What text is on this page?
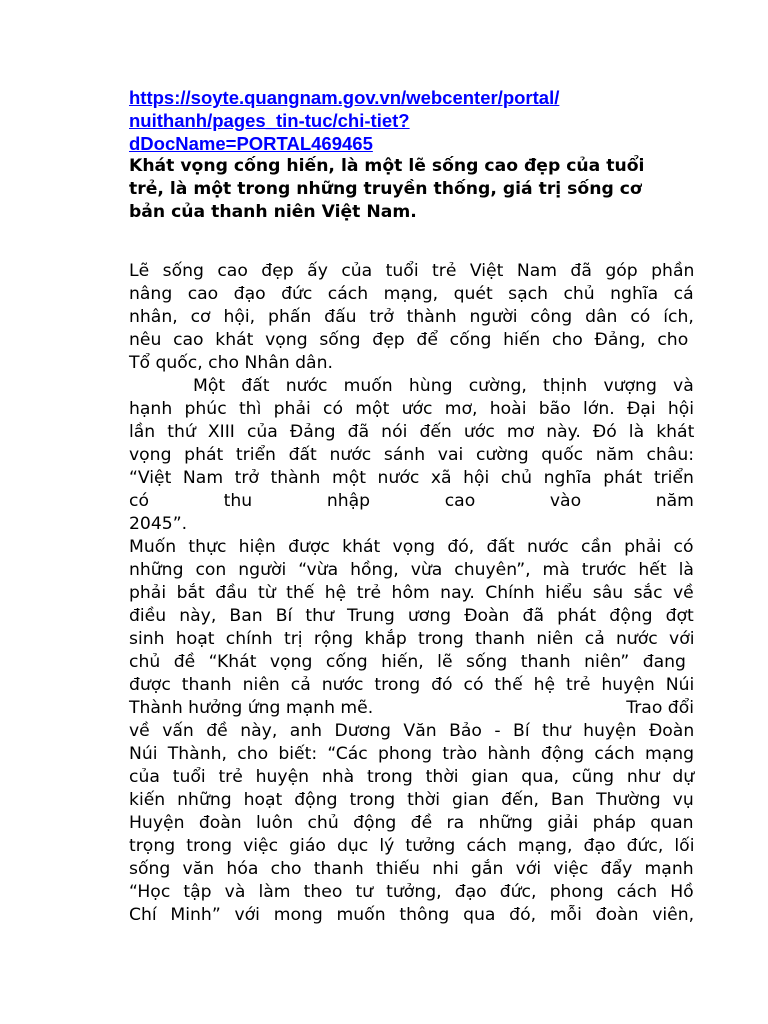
https://soyte.quangnam.gov.vn/webcenter/portal/
nuithanh/pages_tin-tuc/chi-tiet?
dDocName=PORTAL469465
Khát vọng cống hiến, là một lẽ sống cao đẹp của tuổi
trẻ, là một trong những truyền thống, giá trị sống cơ
bản của thanh niên Việt Nam.
Lẽ sống cao đẹp ấy của tuổi trẻ Việt Nam đã góp phần
nâng cao đạo đức cách mạng, quét sạch chủ nghĩa cá
nhân, cơ hội, phấn đấu trở thành người công dân có ích,
nêu cao khát vọng sống đẹp để cống hiến cho Đảng, cho
Tổ quốc, cho Nhân dân.
Một đất nước muốn hùng cường, thịnh vượng và
hạnh phúc thì phải có một ước mơ, hoài bão lớn. Đại hội
lần thứ XIII của Đảng đã nói đến ước mơ này. Đó là khát
vọng phát triển đất nước sánh vai cường quốc năm châu:
“Việt Nam trở thành một nước xã hội chủ nghĩa phát triển
có thu nhập cao vào năm
2045”.
Muốn thực hiện được khát vọng đó, đất nước cần phải có
những con người “vừa hồng, vừa chuyên”, mà trước hết là
phải bắt đầu từ thế hệ trẻ hôm nay. Chính hiểu sâu sắc về
điều này, Ban Bí thư Trung ương Đoàn đã phát động đợt
sinh hoạt chính trị rộng khắp trong thanh niên cả nước với
chủ đề “Khát vọng cống hiến, lẽ sống thanh niên” đang
được thanh niên cả nước trong đó có thế hệ trẻ huyện Núi
Thành hưởng ứng mạnh mẽ.	Trao đổi
về vấn đề này, anh Dương Văn Bảo - Bí thư huyện Đoàn
Núi Thành, cho biết: “Các phong trào hành động cách mạng
của tuổi trẻ huyện nhà trong thời gian qua, cũng như dự
kiến những hoạt động trong thời gian đến, Ban Thường vụ
Huyện đoàn luôn chủ động đề ra những giải pháp quan
trọng trong việc giáo dục lý tưởng cách mạng, đạo đức, lối
sống văn hóa cho thanh thiếu nhi gắn với việc đẩy mạnh
“Học tập và làm theo tư tưởng, đạo đức, phong cách Hồ
Chí Minh” với mong muốn thông qua đó, mỗi đoàn viên,
